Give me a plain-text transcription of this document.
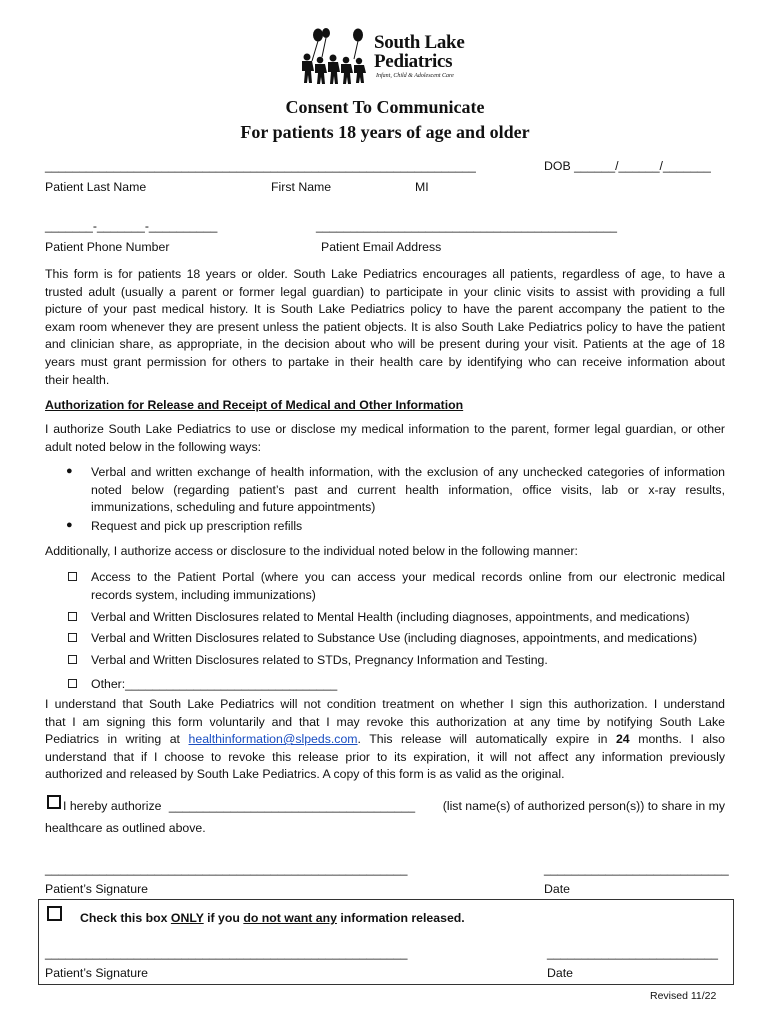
South Lake
Pediatrics
Infant, Child & Adolescent Care
Consent To Communicate
For patients 18 years of age and older
_______________________________________________________________	DOB ______/______/_______
Patient Last Name	First Name	MI
_______-_______-__________	____________________________________________
Patient Phone Number	Patient Email Address
This form is for patients 18 years or older. South Lake Pediatrics encourages all patients, regardless of age, to have a
trusted adult (usually a parent or former legal guardian) to participate in your clinic visits to assist with providing a full
picture of your past medical history. It is South Lake Pediatrics policy to have the parent accompany the patient to the
exam room whenever they are present unless the patient objects. It is also South Lake Pediatrics policy to have the patient
and clinician share, as appropriate, in the decision about who will be present during your visit. Patients at the age of 18
years must grant permission for others to partake in their health care by identifying who can receive information about
their health.
Authorization for Release and Receipt of Medical and Other Information
I authorize South Lake Pediatrics to use or disclose my medical information to the parent, former legal guardian, or other
adult noted below in the following ways:
● Verbal and written exchange of health information, with the exclusion of any unchecked categories of information
noted below (regarding patient’s past and current health information, office visits, lab or x-ray results,
immunizations, scheduling and future appointments)
● Request and pick up prescription refills
Additionally, I authorize access or disclosure to the individual noted below in the following manner:
Access to the Patient Portal (where you can access your medical records online from our electronic medical
records system, including immunizations)
Verbal and Written Disclosures related to Mental Health (including diagnoses, appointments, and medications)
Verbal and Written Disclosures related to Substance Use (including diagnoses, appointments, and medications)
Verbal and Written Disclosures related to STDs, Pregnancy Information and Testing.
Other:_______________________________
I understand that South Lake Pediatrics will not condition treatment on whether I sign this authorization. I understand
that I am signing this form voluntarily and that I may revoke this authorization at any time by notifying South Lake
Pediatrics in writing at healthinformation@slpeds.com. This release will automatically expire in 24 months. I also
understand that if I choose to revoke this release prior to its expiration, it will not affect any information previously
authorized and released by South Lake Pediatrics. A copy of this form is as valid as the original.
I hereby authorize ____________________________________ (list name(s) of authorized person(s)) to share in my
healthcare as outlined above.
_____________________________________________________	___________________________
Patient’s Signature	Date
Check this box ONLY if you do not want any information released.
_____________________________________________________	_________________________
Patient’s Signature	Date
Revised 11/22
